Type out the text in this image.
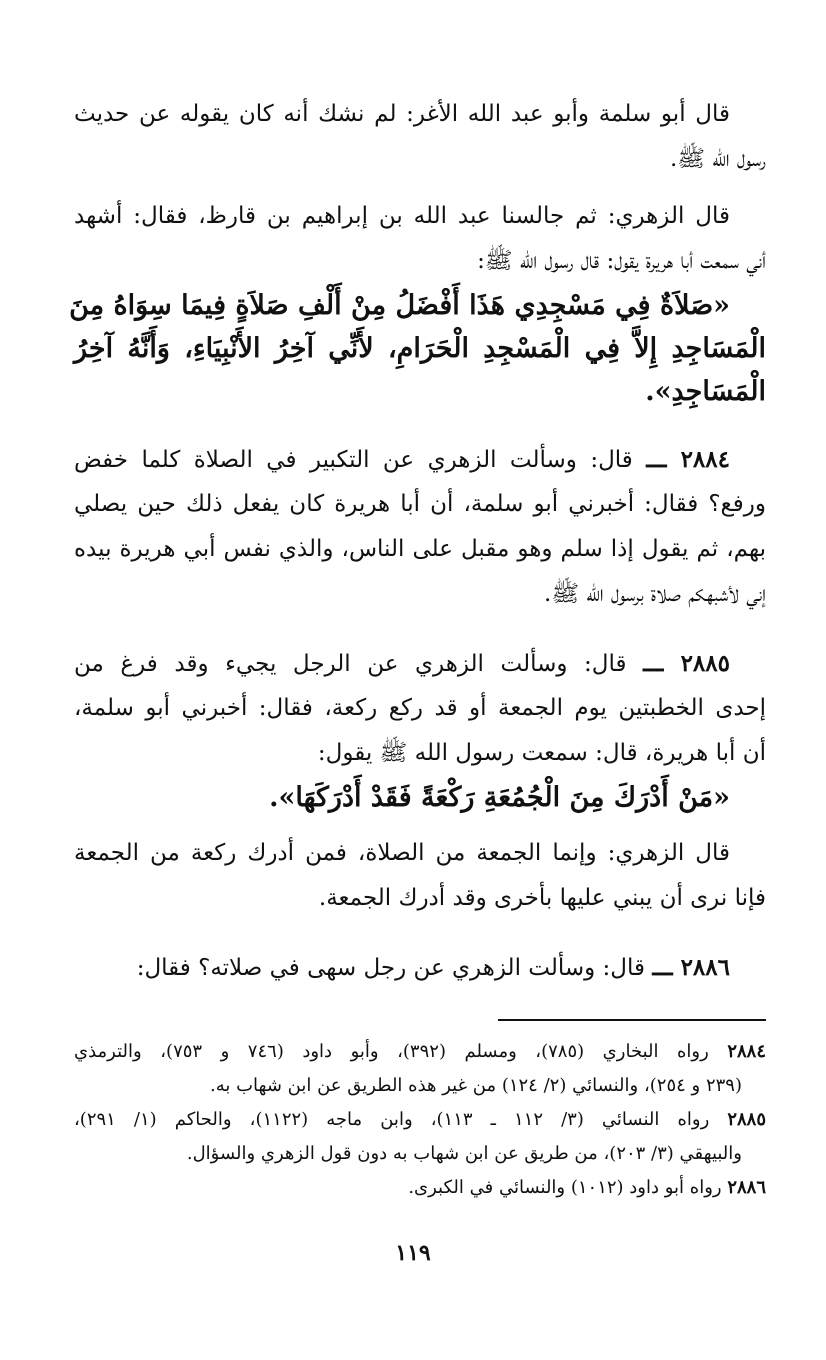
قال أبو سلمة وأبو عبد الله الأغر: لم نشك أنه كان يقوله عن حديث
رسول الله ﷺ.
قال الزهري: ثم جالسنا عبد الله بن إبراهيم بن قارظ، فقال: أشهد
أني سمعت أبا هريرة يقول: قال رسول الله ﷺ:
«صَلاَةٌ فِي مَسْجِدِي هَذَا أَفْضَلُ مِنْ أَلْفِ صَلاَةٍ فِيمَا سِوَاهُ مِنَ
الْمَسَاجِدِ إِلاَّ فِي الْمَسْجِدِ الْحَرَامِ، لأَنِّي آخِرُ الأَنْبِيَاءِ، وَأَنَّهُ آخِرُ
الْمَسَاجِدِ».
٢٨٨٤ ـــ قال: وسألت الزهري عن التكبير في الصلاة كلما خفض
ورفع؟ فقال: أخبرني أبو سلمة، أن أبا هريرة كان يفعل ذلك حين يصلي
بهم، ثم يقول إذا سلم وهو مقبل على الناس، والذي نفس أبي هريرة بيده
إني لأشبهكم صلاة برسول الله ﷺ.
٢٨٨٥ ـــ قال: وسألت الزهري عن الرجل يجيء وقد فرغ من
إحدى الخطبتين يوم الجمعة أو قد ركع ركعة، فقال: أخبرني أبو سلمة،
أن أبا هريرة، قال: سمعت رسول الله ﷺ يقول:
«مَنْ أَدْرَكَ مِنَ الْجُمُعَةِ رَكْعَةً فَقَدْ أَدْرَكَهَا».
قال الزهري: وإنما الجمعة من الصلاة، فمن أدرك ركعة من الجمعة
فإنا نرى أن يبني عليها بأخرى وقد أدرك الجمعة.
٢٨٨٦ ـــ قال: وسألت الزهري عن رجل سهى في صلاته؟ فقال:
٢٨٨٤ رواه البخاري (٧٨٥)، ومسلم (٣٩٢)، وأبو داود (٧٤٦ و ٧٥٣)، والترمذي
(٢٣٩ و ٢٥٤)، والنسائي (٢/ ١٢٤) من غير هذه الطريق عن ابن شهاب به.
٢٨٨٥ رواه النسائي (٣/ ١١٢ ـ ١١٣)، وابن ماجه (١١٢٢)، والحاكم (١/ ٢٩١)،
والبيهقي (٣/ ٢٠٣)، من طريق عن ابن شهاب به دون قول الزهري والسؤال.
٢٨٨٦ رواه أبو داود (١٠١٢) والنسائي في الكبرى.
١١٩
